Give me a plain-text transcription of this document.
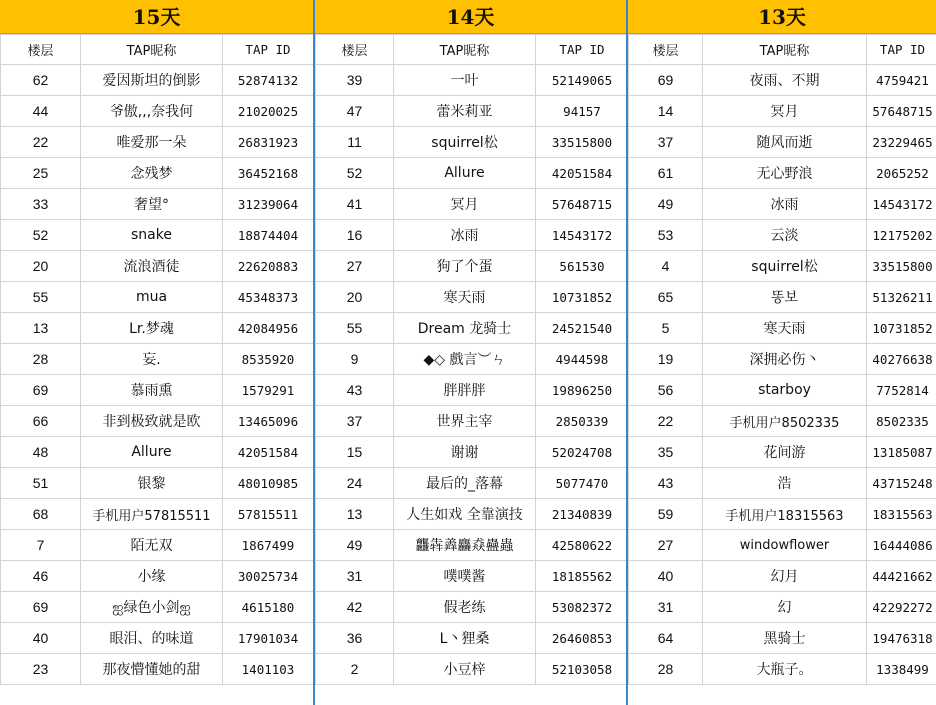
15天
楼层	TAP昵称	TAP ID
62	爱因斯坦的倒影	52874132
44	爷傲,,,奈我何	21020025
22	唯爱那一朵	26831923
25	念残梦	36452168
33	奢望°	31239064
52	snake	18874404
20	流浪酒徒	22620883
55	mua	45348373
13	Lr.梦魂	42084956
28	妄.	8535920
69	慕雨熏	1579291
66	非到极致就是欧	13465096
48	Allure	42051584
51	银黎	48010985
68	手机用户57815511	57815511
7	陌无双	1867499
46	小缘	30025734
69	ஐ绿色小剑ஐ	4615180
40	眼泪、的味道	17901034
23	那夜懵懂她的甜	1401103
14天
楼层	TAP昵称	TAP ID
39	一叶	52149065
47	蕾米莉亚	94157
11	squirrel松	33515800
52	Allure	42051584
41	冥月	57648715
16	冰雨	14543172
27	狗了个蛋	561530
20	寒天雨	10731852
55	Dream 龙骑士	24521540
9	◆◇ 戲言︶ㄣ	4944598
43	胖胖胖	19896250
37	世界主宰	2850339
15	谢谢	52024708
24	最后的_落幕	5077470
13	人生如戏 全靠演技	21340839
49	龘犇羴麤猋蠱蟲	42580622
31	噗噗酱	18185562
42	假老练	53082372
36	L丶狸桑	26460853
2	小豆梓	52103058
13天
楼层	TAP昵称	TAP ID
69	夜雨、不期	4759421
14	冥月	57648715
37	随风而逝	23229465
61	无心野浪	2065252
49	冰雨	14543172
53	云淡	12175202
4	squirrel松	33515800
65	똥보	51326211
5	寒天雨	10731852
19	深拥必伤丶	40276638
56	starboy	7752814
22	手机用户8502335	8502335
35	花间游	13185087
43	浩	43715248
59	手机用户18315563	18315563
27	windowflower	16444086
40	幻月	44421662
31	幻	42292272
64	黑骑士	19476318
28	大瓶子。	1338499
